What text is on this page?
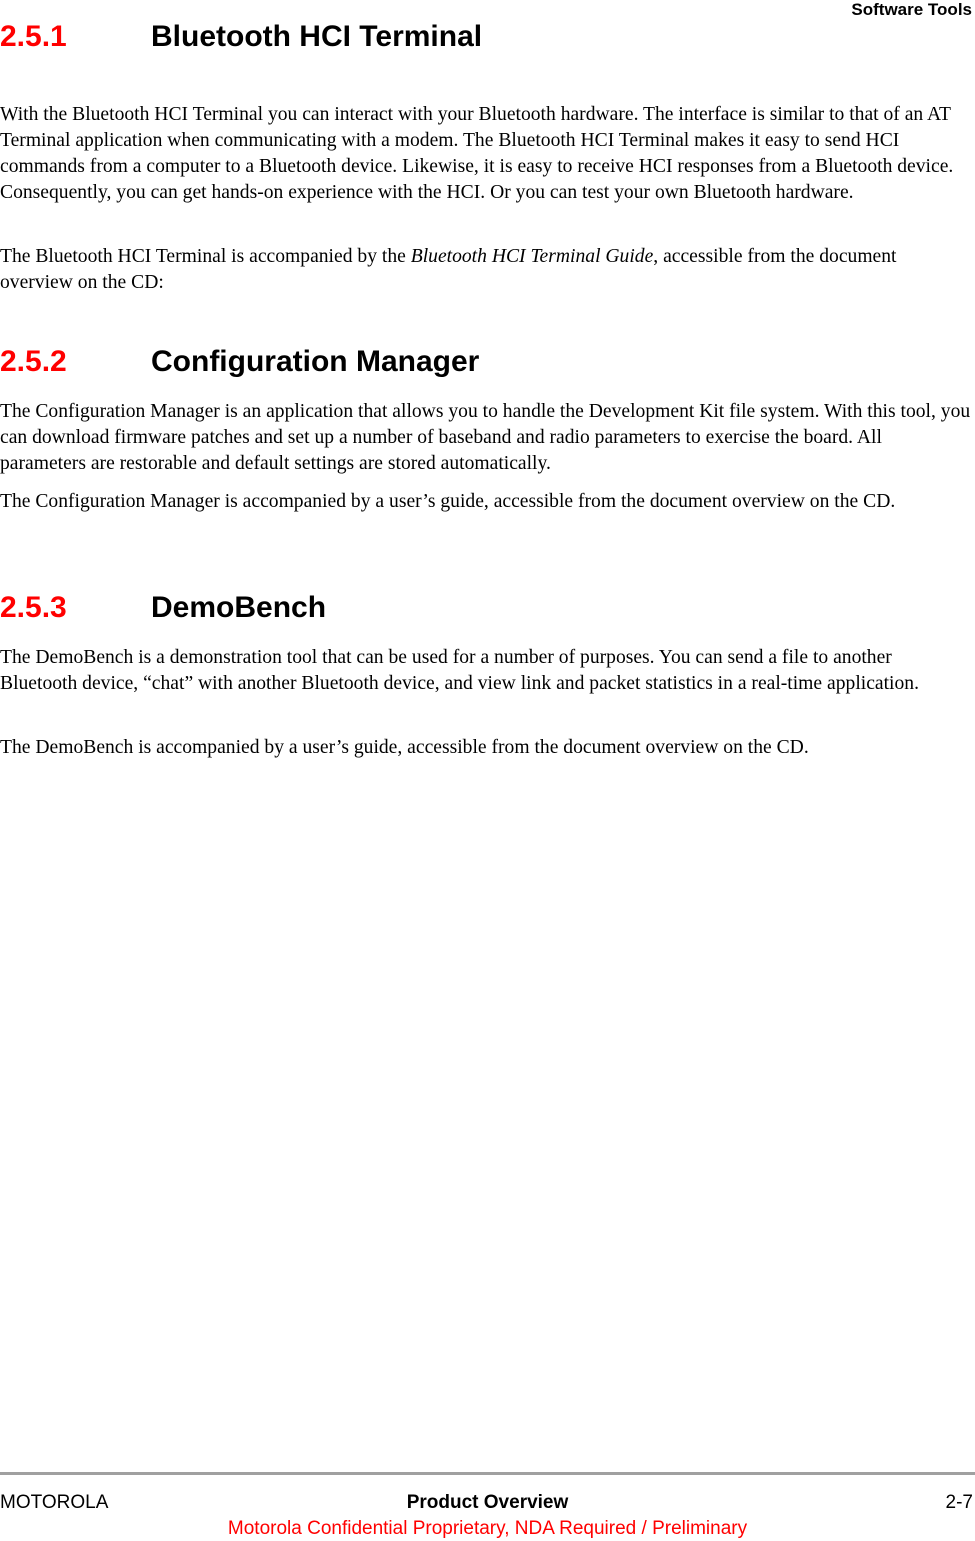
Software Tools
2.5.1	Bluetooth HCI Terminal

With the Bluetooth HCI Terminal you can interact with your Bluetooth hardware. The interface is similar to that of an AT Terminal application when communicating with a modem. The Bluetooth HCI Terminal makes it easy to send HCI commands from a computer to a Bluetooth device. Likewise, it is easy to receive HCI responses from a Bluetooth device. Consequently, you can get hands-on experience with the HCI. Or you can test your own Bluetooth hardware.

The Bluetooth HCI Terminal is accompanied by the Bluetooth HCI Terminal Guide, accessible from the document overview on the CD:

2.5.2	Configuration Manager

The Configuration Manager is an application that allows you to handle the Development Kit file system. With this tool, you can download firmware patches and set up a number of baseband and radio parameters to exercise the board. All parameters are restorable and default settings are stored automatically.

The Configuration Manager is accompanied by a user’s guide, accessible from the document overview on the CD.

2.5.3	DemoBench

The DemoBench is a demonstration tool that can be used for a number of purposes. You can send a file to another Bluetooth device, “chat” with another Bluetooth device, and view link and packet statistics in a real-time application.

The DemoBench is accompanied by a user’s guide, accessible from the document overview on the CD.

MOTOROLA	Product Overview	2-7
Motorola Confidential Proprietary, NDA Required / Preliminary
